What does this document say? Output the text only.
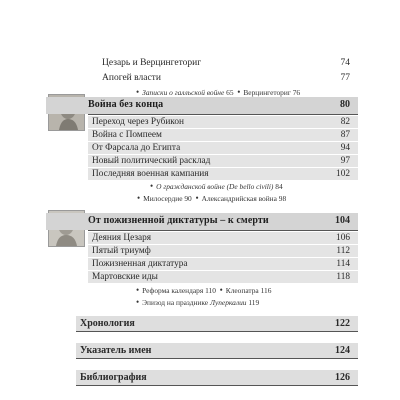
Цезарь и Верцингеториг	74
Апогей власти	77
• Записки о галльской войне 65 • Верцингеториг 76
Война без конца	80
Переход через Рубикон	82
Война с Помпеем	87
От Фарсала до Египта	94
Новый политический расклад	97
Последняя военная кампания	102
• О гражданской войне (De bello civili) 84
• Милосердие 90 • Александрийская война 98
От пожизненной диктатуры – к смерти	104
Деяния Цезаря	106
Пятый триумф	112
Пожизненная диктатура	114
Мартовские иды	118
• Реформа календаря 110 • Клеопатра 116
• Эпизод на празднике Луперкалии 119
Хронология	122
Указатель имен	124
Библиография	126
